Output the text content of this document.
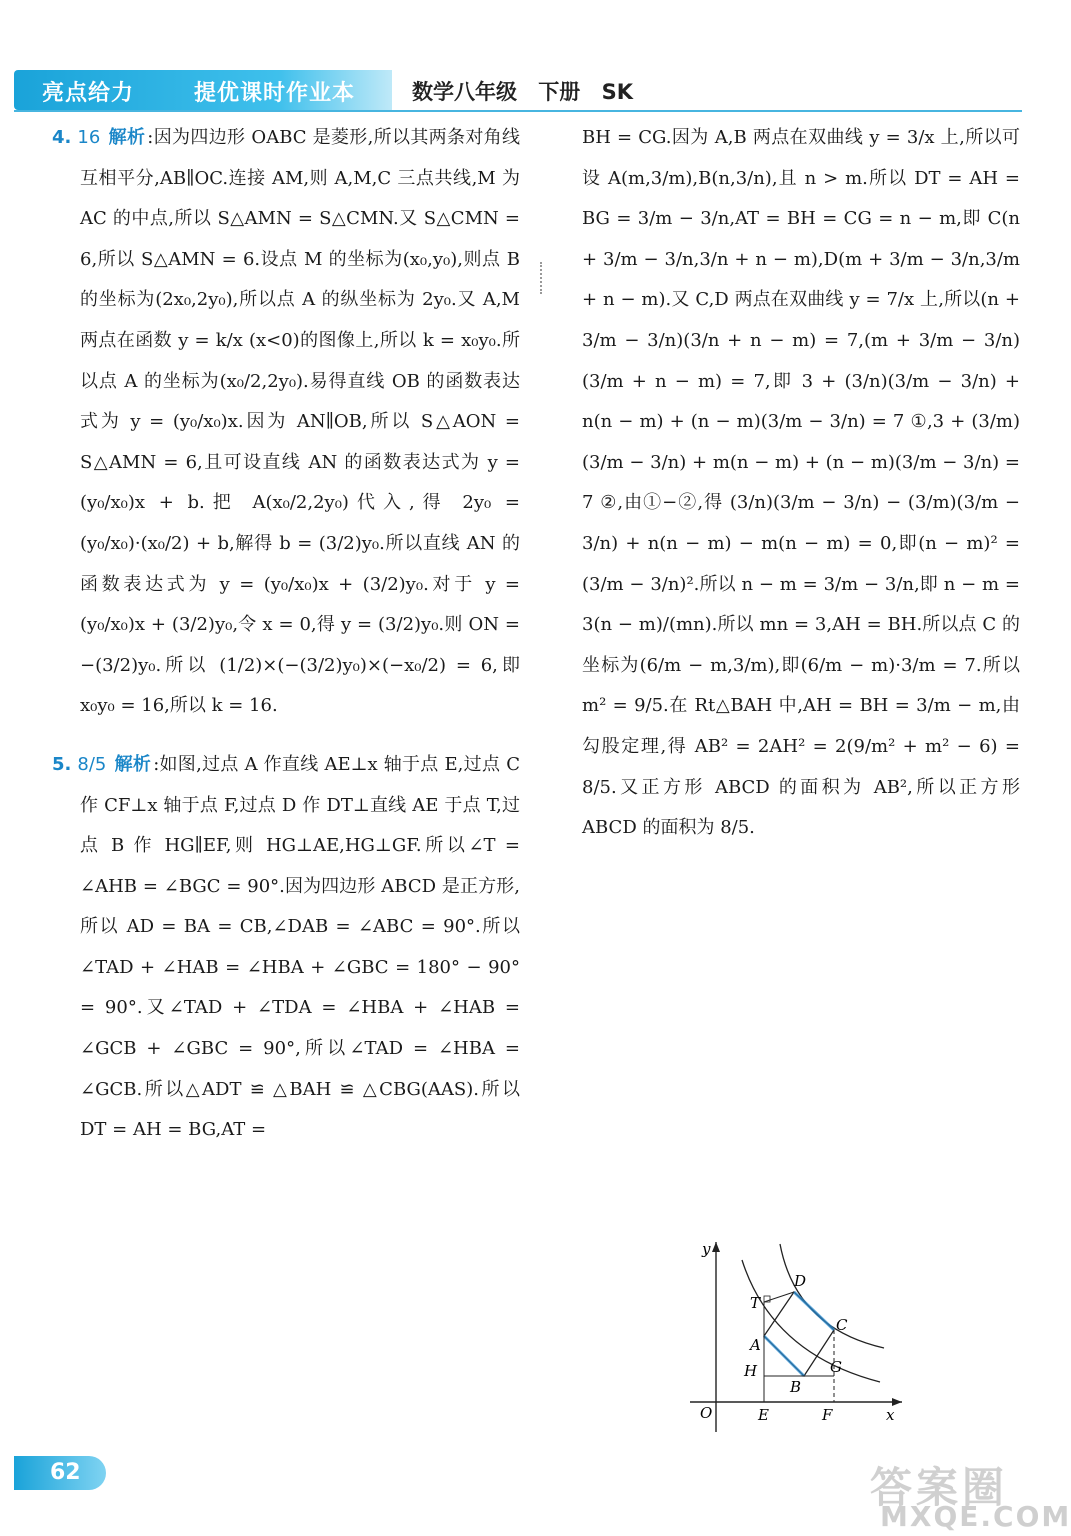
亮点给力	提优课时作业本	数学八年级 下册 SK

4. 16 解析 :因为四边形 OABC 是菱形,所以其两条对角线互相平分,AB∥OC.连接 AM,则 A,M,C 三点共线,M 为 AC 的中点,所以 S△AMN = S△CMN.又 S△CMN = 6,所以 S△AMN = 6.设点 M 的坐标为(x₀,y₀),则点 B 的坐标为(2x₀,2y₀),所以点 A 的纵坐标为 2y₀.又 A,M 两点在函数 y = k/x (x<0)的图像上,所以 k = x₀y₀.所以点 A 的坐标为(x₀/2,2y₀).易得直线 OB 的函数表达式为 y = (y₀/x₀)x.因为 AN∥OB,所以 S△AON = S△AMN = 6,且可设直线 AN 的函数表达式为 y = (y₀/x₀)x + b.把 A(x₀/2,2y₀)代入,得 2y₀ = (y₀/x₀)·(x₀/2) + b,解得 b = (3/2)y₀.所以直线 AN 的函数表达式为 y = (y₀/x₀)x + (3/2)y₀.对于 y = (y₀/x₀)x + (3/2)y₀,令 x = 0,得 y = (3/2)y₀.则 ON = −(3/2)y₀.所以 (1/2)×(−(3/2)y₀)×(−x₀/2) = 6,即 x₀y₀ = 16,所以 k = 16.

5. 8/5 解析 :如图,过点 A 作直线 AE⊥x 轴于点 E,过点 C 作 CF⊥x 轴于点 F,过点 D 作 DT⊥直线 AE 于点 T,过点 B 作 HG∥EF,则 HG⊥AE,HG⊥GF.所以∠T = ∠AHB = ∠BGC = 90°.因为四边形 ABCD 是正方形,所以 AD = BA = CB,∠DAB = ∠ABC = 90°.所以∠TAD + ∠HAB = ∠HBA + ∠GBC = 180° − 90° = 90°.又∠TAD + ∠TDA = ∠HBA + ∠HAB = ∠GCB + ∠GBC = 90°,所以∠TAD = ∠HBA = ∠GCB.所以△ADT ≌ △BAH ≌ △CBG(AAS).所以 DT = AH = BG,AT =

BH = CG.因为 A,B 两点在双曲线 y = 3/x 上,所以可设 A(m,3/m),B(n,3/n),且 n > m.所以 DT = AH = BG = 3/m − 3/n,AT = BH = CG = n − m,即 C(n + 3/m − 3/n,3/n + n − m),D(m + 3/m − 3/n,3/m + n − m).又 C,D 两点在双曲线 y = 7/x 上,所以(n + 3/m − 3/n)(3/n + n − m) = 7,(m + 3/m − 3/n)(3/m + n − m) = 7,即 3 + (3/n)(3/m − 3/n) + n(n − m) + (n − m)(3/m − 3/n) = 7 ①,3 + (3/m)(3/m − 3/n) + m(n − m) + (n − m)(3/m − 3/n) = 7 ②,由①−②,得 (3/n)(3/m − 3/n) − (3/m)(3/m − 3/n) + n(n − m) − m(n − m) = 0,即(n − m)² = (3/m − 3/n)².所以 n − m = 3/m − 3/n,即 n − m = 3(n − m)/(mn).所以 mn = 3,AH = BH.所以点 C 的坐标为(6/m − m,3/m),即(6/m − m)·3/m = 7.所以 m² = 9/5.在 Rt△BAH 中,AH = BH = 3/m − m,由勾股定理,得 AB² = 2AH² = 2(9/m² + m² − 6) = 8/5.又正方形 ABCD 的面积为 AB²,所以正方形 ABCD 的面积为 8/5.

y
x
O
T
D
C
A
H	G
B
E	F
62	答案圈
MXQE.COM
